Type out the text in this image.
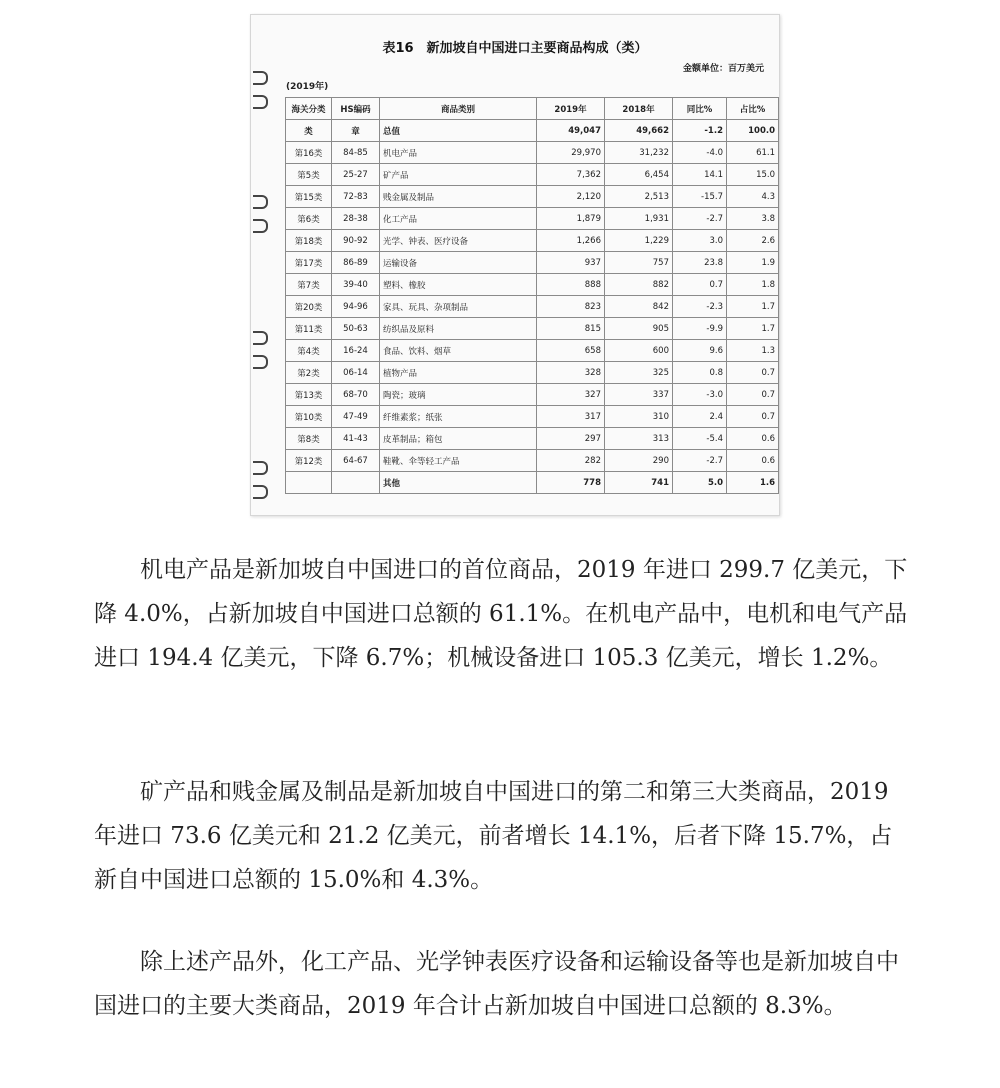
表16　新加坡自中国进口主要商品构成（类）
金额单位：百万美元
(2019年)
海关分类	HS编码	商品类别	2019年	2018年	同比%	占比%
类	章	总值	49,047	49,662	-1.2	100.0
第16类	84-85	机电产品	29,970	31,232	-4.0	61.1
第5类	25-27	矿产品	7,362	6,454	14.1	15.0
第15类	72-83	贱金属及制品	2,120	2,513	-15.7	4.3
第6类	28-38	化工产品	1,879	1,931	-2.7	3.8
第18类	90-92	光学、钟表、医疗设备	1,266	1,229	3.0	2.6
第17类	86-89	运输设备	937	757	23.8	1.9
第7类	39-40	塑料、橡胶	888	882	0.7	1.8
第20类	94-96	家具、玩具、杂项制品	823	842	-2.3	1.7
第11类	50-63	纺织品及原料	815	905	-9.9	1.7
第4类	16-24	食品、饮料、烟草	658	600	9.6	1.3
第2类	06-14	植物产品	328	325	0.8	0.7
第13类	68-70	陶瓷；玻璃	327	337	-3.0	0.7
第10类	47-49	纤维素浆；纸张	317	310	2.4	0.7
第8类	41-43	皮革制品；箱包	297	313	-5.4	0.6
第12类	64-67	鞋靴、伞等轻工产品	282	290	-2.7	0.6
		其他	778	741	5.0	1.6

机电产品是新加坡自中国进口的首位商品，2019 年进口 299.7 亿美元，下降 4.0%，占新加坡自中国进口总额的 61.1%。在机电产品中，电机和电气产品进口 194.4 亿美元，下降 6.7%；机械设备进口 105.3 亿美元，增长 1.2%。

矿产品和贱金属及制品是新加坡自中国进口的第二和第三大类商品，2019 年进口 73.6 亿美元和 21.2 亿美元，前者增长 14.1%，后者下降 15.7%，占新自中国进口总额的 15.0%和 4.3%。

除上述产品外，化工产品、光学钟表医疗设备和运输设备等也是新加坡自中国进口的主要大类商品，2019 年合计占新加坡自中国进口总额的 8.3%。
